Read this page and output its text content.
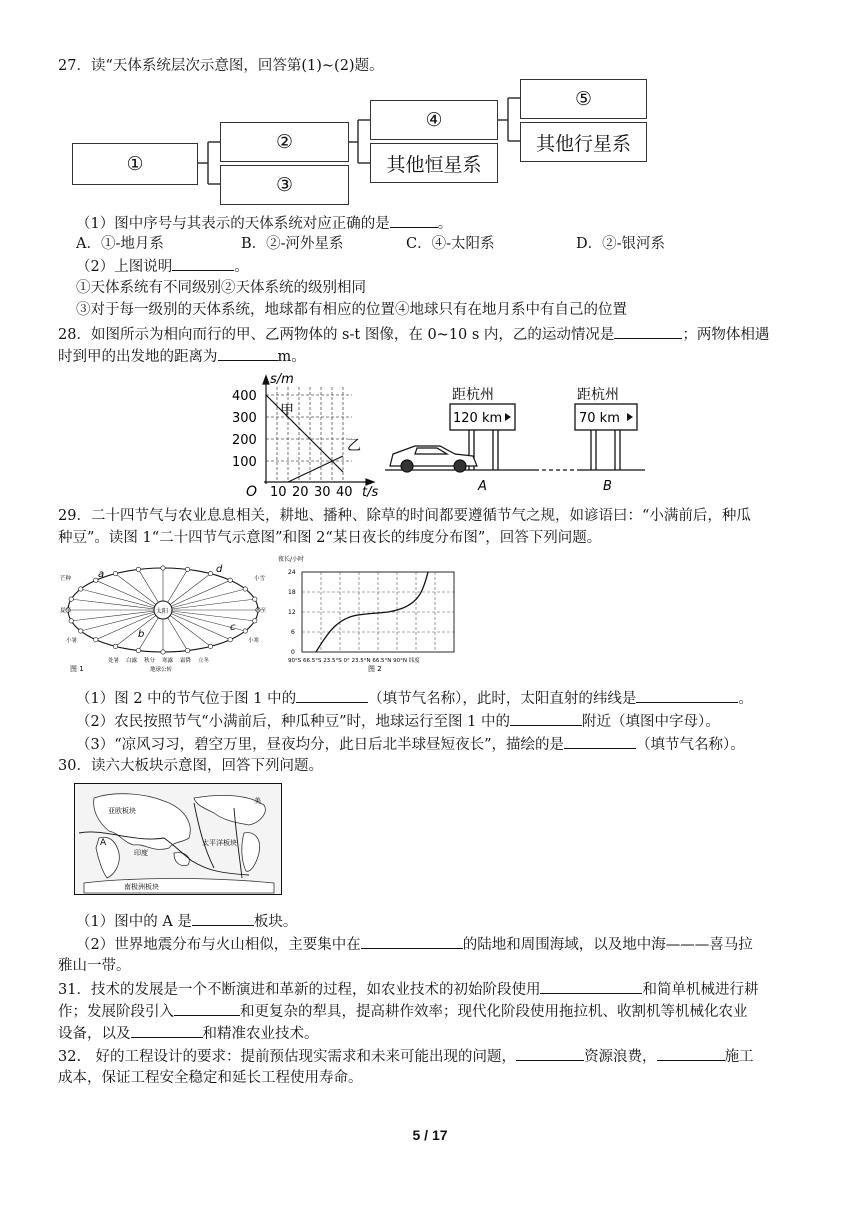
27．读“天体系统层次示意图，回答第(1)~(2)题。
①
②
③
④
其他恒星系
⑤
其他行星系
（1）图中序号与其表示的天体系统对应正确的是	。
A．①-地月系	B．②-河外星系	C．④-太阳系	D．②-银河系
（2）上图说明	。
①天体系统有不同级别②天体系统的级别相同
③对于每一级别的天体系统，地球都有相应的位置④地球只有在地月系中有自己的位置
28．如图所示为相向而行的甲、乙两物体的 s-t 图像，在 0~10 s 内，乙的运动情况是	；两物体相遇
时到甲的出发地的距离为	m。
s/m
t/s
O
400
300
200
100
10 20 30 40
甲
乙
距杭州
120 km
距杭州
70 km
A	B
29．二十四节气与农业息息相关，耕地、播种、除草的时间都要遵循节气之规，如谚语曰：“小满前后，种瓜
种豆”。读图 1“二十四节气示意图”和图 2“某日夜长的纬度分布图”，回答下列问题。
太阳
a
b
c
d
芒种
夏至
小暑
小雪
冬至
小寒
处暑 白露 秋分 寒露 霜降 立冬
地球公转
图 1
夜长/小时
24
18
12
6
0
90°S 66.5°S 23.5°S 0° 23.5°N 66.5°N 90°N 纬度
图 2
（1）图 2 中的节气位于图 1 中的	（填节气名称），此时，太阳直射的纬线是	。
（2）农民按照节气“小满前后，种瓜种豆”时，地球运行至图 1 中的	附近（填图中字母）。
（3）“凉风习习，碧空万里，昼夜均分，此日后北半球昼短夜长”，描绘的是	（填节气名称）。
30．读六大板块示意图，回答下列问题。
亚欧板块
太平洋板块
南极洲板块
A
印度
美
（1）图中的 A 是	板块。
（2）世界地震分布与火山相似，主要集中在	的陆地和周围海域，以及地中海———喜马拉
雅山一带。
31．技术的发展是一个不断演进和革新的过程，如农业技术的初始阶段使用	和简单机械进行耕
作；发展阶段引入	和更复杂的犁具，提高耕作效率；现代化阶段使用拖拉机、收割机等机械化农业
设备，以及	和精准农业技术。
32.　好的工程设计的要求：提前预估现实需求和未来可能出现的问题，	资源浪费，	施工
成本，保证工程安全稳定和延长工程使用寿命。
5 / 17
